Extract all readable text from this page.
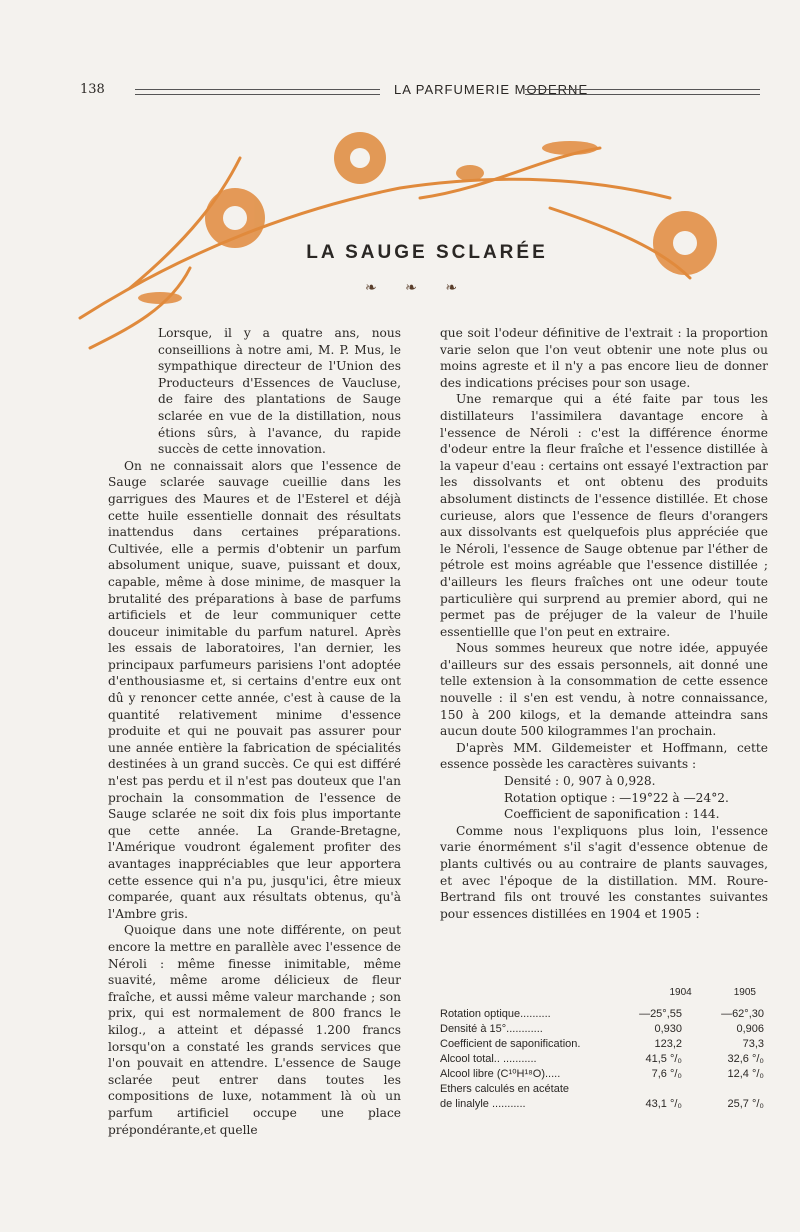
138	LA PARFUMERIE MODERNE
LA SAUGE SCLARÉE
❧ ❧ ❧

Lorsque, il y a quatre ans, nous conseillions à notre ami, M. P. Mus, le sympathique directeur de l'Union des Producteurs d'Essences de Vaucluse, de faire des plantations de Sauge sclarée en vue de la distillation, nous étions sûrs, à l'avance, du rapide succès de cette innovation.

On ne connaissait alors que l'essence de Sauge sclarée sauvage cueillie dans les garrigues des Maures et de l'Esterel et déjà cette huile essentielle donnait des résultats inattendus dans certaines préparations. Cultivée, elle a permis d'obtenir un parfum absolument unique, suave, puissant et doux, capable, même à dose minime, de masquer la brutalité des préparations à base de parfums artificiels et de leur communiquer cette douceur inimitable du parfum naturel. Après les essais de laboratoires, l'an dernier, les principaux parfumeurs parisiens l'ont adoptée d'enthousiasme et, si certains d'entre eux ont dû y renoncer cette année, c'est à cause de la quantité relativement minime d'essence produite et qui ne pouvait pas assurer pour une année entière la fabrication de spécialités destinées à un grand succès. Ce qui est différé n'est pas perdu et il n'est pas douteux que l'an prochain la consommation de l'essence de Sauge sclarée ne soit dix fois plus importante que cette année. La Grande-Bretagne, l'Amérique voudront également profiter des avantages inappréciables que leur apportera cette essence qui n'a pu, jusqu'ici, être mieux comparée, quant aux résultats obtenus, qu'à l'Ambre gris.

Quoique dans une note différente, on peut encore la mettre en parallèle avec l'essence de Néroli : même finesse inimitable, même suavité, même arome délicieux de fleur fraîche, et aussi même valeur marchande ; son prix, qui est normalement de 800 francs le kilog., a atteint et dépassé 1.200 francs lorsqu'on a constaté les grands services que l'on pouvait en attendre. L'essence de Sauge sclarée peut entrer dans toutes les compositions de luxe, notamment là où un parfum artificiel occupe une place prépondérante,et quelle

que soit l'odeur définitive de l'extrait : la proportion varie selon que l'on veut obtenir une note plus ou moins agreste et il n'y a pas encore lieu de donner des indications précises pour son usage.

Une remarque qui a été faite par tous les distillateurs l'assimilera davantage encore à l'essence de Néroli : c'est la différence énorme d'odeur entre la fleur fraîche et l'essence distillée à la vapeur d'eau : certains ont essayé l'extraction par les dissolvants et ont obtenu des produits absolument distincts de l'essence distillée. Et chose curieuse, alors que l'essence de fleurs d'orangers aux dissolvants est quelquefois plus appréciée que le Néroli, l'essence de Sauge obtenue par l'éther de pétrole est moins agréable que l'essence distillée ; d'ailleurs les fleurs fraîches ont une odeur toute particulière qui surprend au premier abord, qui ne permet pas de préjuger de la valeur de l'huile essentiellle que l'on peut en extraire.

Nous sommes heureux que notre idée, appuyée d'ailleurs sur des essais personnels, ait donné une telle extension à la consommation de cette essence nouvelle : il s'en est vendu, à notre connaissance, 150 à 200 kilogs, et la demande atteindra sans aucun doute 500 kilogrammes l'an prochain.

D'après MM. Gildemeister et Hoffmann, cette essence possède les caractères suivants :

Densité : 0, 907 à 0,928.

Rotation optique : —19°22 à —24°2.

Coefficient de saponification : 144.

Comme nous l'expliquons plus loin, l'essence varie énormément s'il s'agit d'essence obtenue de plants cultivés ou au contraire de plants sauvages, et avec l'époque de la distillation. MM. Roure-Bertrand fils ont trouvé les constantes suivantes pour essences distillées en 1904 et 1905 :

1904	1905
Rotation optique..........	—25°,55	—62°,30
Densité à 15°............	0,930	0,906
Coefficient de saponification.	123,2	73,3
Alcool total.. ...........	41,5 °/₀	32,6 °/₀
Alcool libre (C¹⁰H¹⁸O).....	7,6 °/₀	12,4 °/₀
Ethers calculés en acétate
de linalyle ...........	43,1 °/₀	25,7 °/₀
